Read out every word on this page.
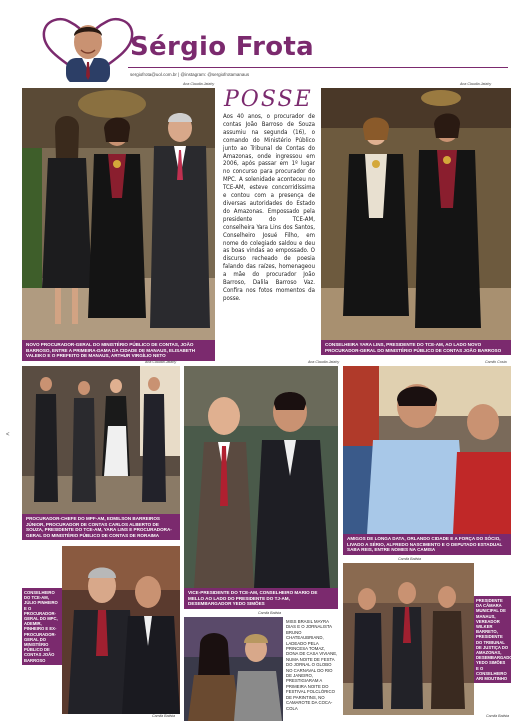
Sérgio Frota
sergiofrota@uol.com.br | @instagram: @sergiofrotamanaus
Ana Claudia Jatahy
NOVO PROCURADOR-GERAL DO MINISTÉRIO PÚBLICO DE CONTAS, JOÃO BARROSO, ENTRE A PRIMEIRA-DAMA DA CIDADE DE MANAUS, ELISABETH VALEIKO E O PREFEITO DE MANAUS, ARTHUR VIRGÍLIO NETO
POSSE
Aos 40 anos, o procurador de contas João Barroso de Souza assumiu na segunda (16), o comando do Ministério Público junto ao Tribunal de Contas do Amazonas, onde ingressou em 2006, após passar em 1º lugar no concurso para procurador do MPC. A solenidade aconteceu no TCE-AM, esteve concorridíssima e contou com a presença de diversas autoridades do Estado do Amazonas. Empossado pela presidente do TCE-AM, conselheira Yara Lins dos Santos, Conselheiro Josué Filho, em nome do colegiado saldou e deu as boas vindas ao empossado. O discurso recheado de poesia falando das raízes, homenageou a mãe do procurador João Barroso, Dalila Barroso Vaz. Confira nos fotos momentos da posse.
Ana Claudia Jatahy
CONSELHEIRA YARA LINS, PRESIDENTE DO TCE-AM, AO LADO NOVO PROCURADOR-GERAL DO MINISTÉRIO PÚBLICO DE CONTAS JOÃO BARROSO
Ana Claudia Jatahy
PROCURADOR-CHEFE DO MPF-AM, EDMILSON BARREIROS JÚNIOR, PROCURADOR DE CONTAS CARLOS ALBERTO DE SOUZA, PRESIDENTE DO TCE-AM, YARA LINS E PROCURADORA-GERAL DO MINISTÉRIO PÚBLICO DE CONTAS DE RORAIMA
Ana Claudia Jatahy
VICE-PRESIDENTE DO TCE-AM, CONSELHEIRO MARIO DE MELLO AO LADO DO PRESIDENTE DO TJ-AM, DESEMBARGADOR YEDO SIMÕES
Camilo Costa
AMIGOS DE LONGA DATA, ORLANDO CIDADE E A FORÇA DO SÓCIO, LIVADO A SÉRIO, ALFREDO NASCIMENTO E O DEPUTADO ESTADUAL SABA REIS, ENTRE NOMES NA CAMISA
CONSELHEIRO DO TCE-AM, JÚLIO PINHEIRO E O PROCURADOR-GERAL DO MPC, ADEMIR, PINHEIRO E EX-PROCURADOR-GERAL DO MINISTÉRIO PÚBLICO DE CONTAS JOÃO BARROSO
Camila Batista
Camila Batista
MISS BRASIL MAYRA DIAS E O JORNALISTA BRUNO CHATEAUBRIAND, LADEADO PELA PRINCESA TOMAZ, DONA DE CASA VIVIANE, NUMA NOITE DE FESTA DO JORNAL O GLOBO NO CARNAVAL DO RIO DE JANEIRO, PRESTIGIARAM A PRIMEIRA NOITE DO FESTIVAL FOLCLÓRICO DE PARINTINS, NO CAMAROTE DA COCA-COLA
Camila Batista
PRESIDENTE DA CÂMARA MUNICIPAL DE MANAUS, VEREADOR WILKER BARRETO, PRESIDENTE DO TRIBUNAL DE JUSTIÇA DO AMAZONAS, DESEMBARGADOR YEDO SIMÕES E O CONSELHEIRO ARI MOUTINHO
Camila Batista
<
